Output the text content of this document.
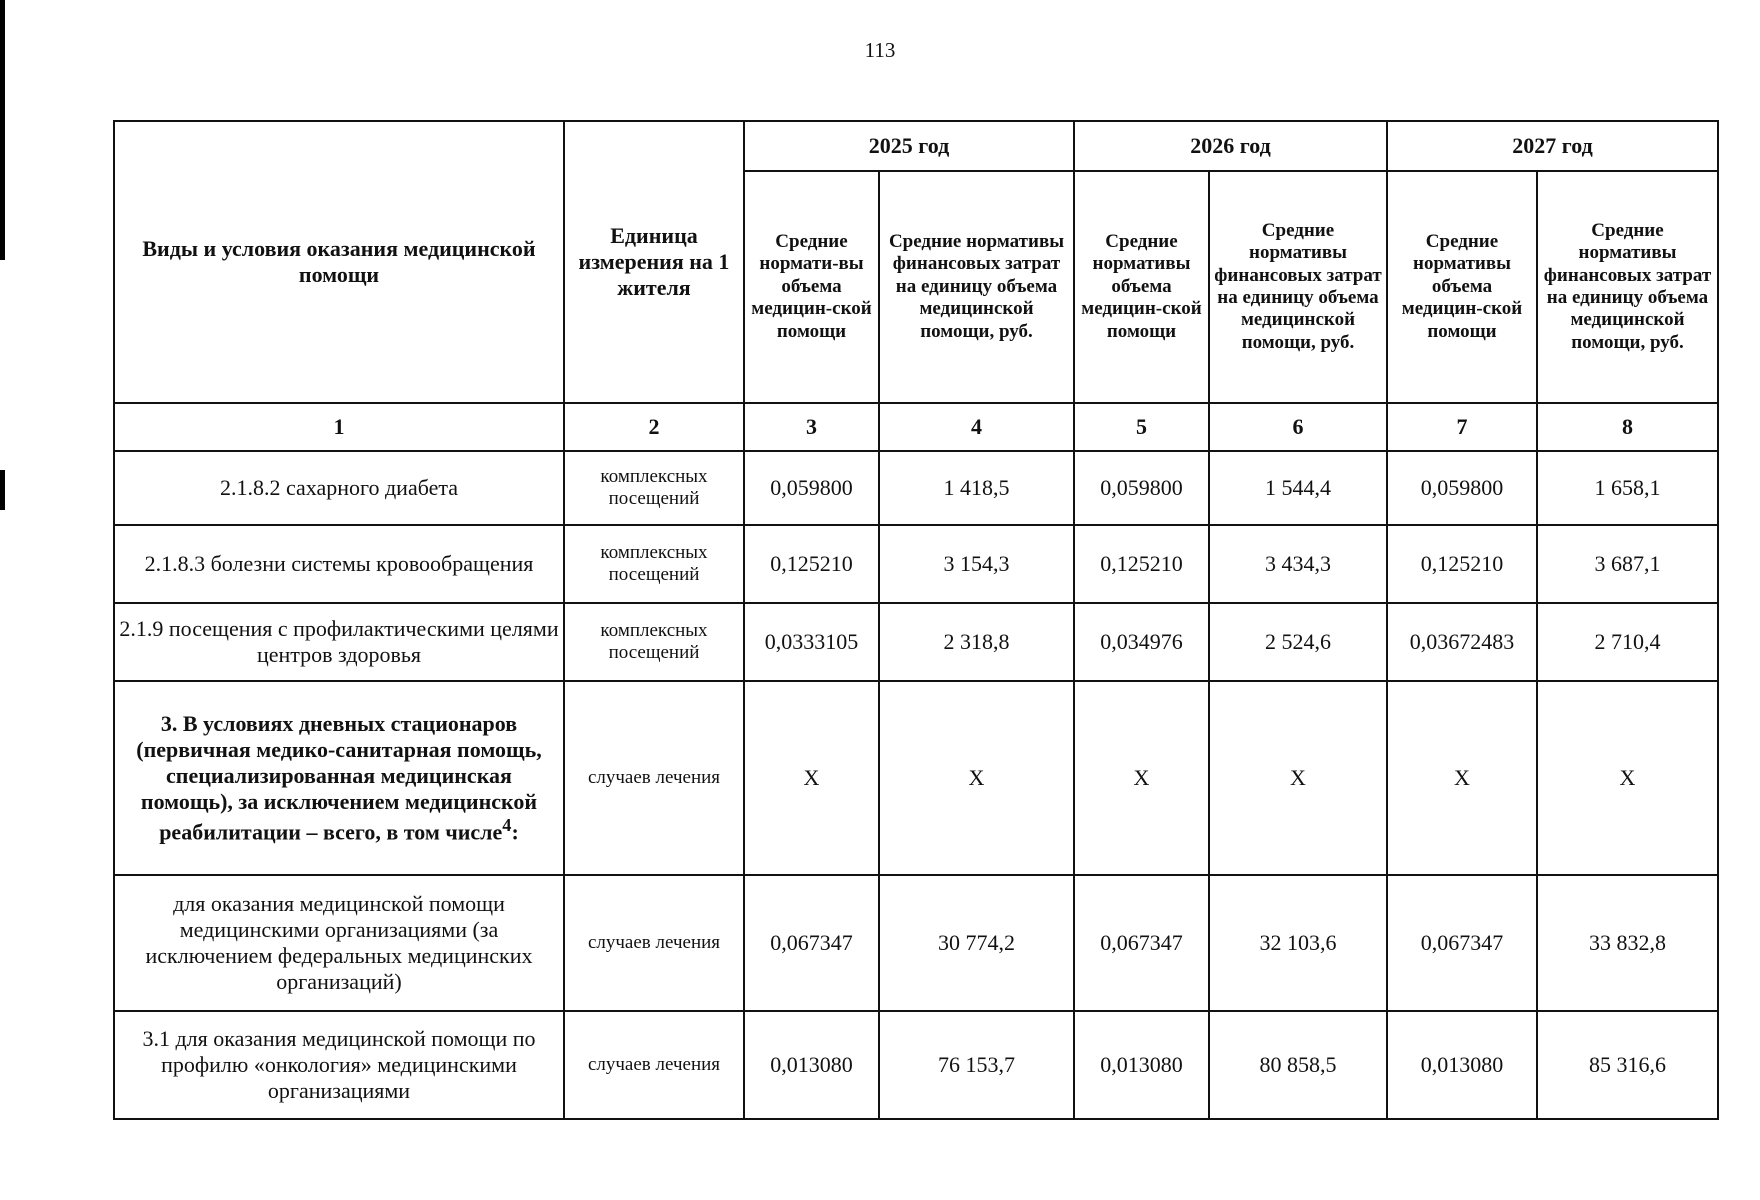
113
Виды и условия оказания медицинской помощи	Единица измерения на 1 жителя	2025 год		2026 год		2027 год	
		Средние нормати-вы объема медицин-ской помощи	Средние нормативы финансовых затрат на единицу объема медицинской помощи, руб.	Средние нормативы объема медицин-ской помощи	Средние нормативы финансовых затрат на единицу объема медицинской помощи, руб.	Средние нормативы объема медицин-ской помощи	Средние нормативы финансовых затрат на единицу объема медицинской помощи, руб.
1	2	3	4	5	6	7	8
2.1.8.2 сахарного диабета	комплексных посещений	0,059800	1 418,5	0,059800	1 544,4	0,059800	1 658,1
2.1.8.3 болезни системы кровообращения	комплексных посещений	0,125210	3 154,3	0,125210	3 434,3	0,125210	3 687,1
2.1.9 посещения с профилактическими целями центров здоровья	комплексных посещений	0,0333105	2 318,8	0,034976	2 524,6	0,03672483	2 710,4
3. В условиях дневных стационаров (первичная медико-санитарная помощь, специализированная медицинская помощь), за исключением медицинской реабилитации – всего, в том числе$^4$:	случаев лечения	Х	Х	Х	Х	Х	Х
для оказания медицинской помощи медицинскими организациями (за исключением федеральных медицинских организаций)	случаев лечения	0,067347	30 774,2	0,067347	32 103,6	0,067347	33 832,8
3.1 для оказания медицинской помощи по профилю «онкология» медицинскими организациями	случаев лечения	0,013080	76 153,7	0,013080	80 858,5	0,013080	85 316,6
